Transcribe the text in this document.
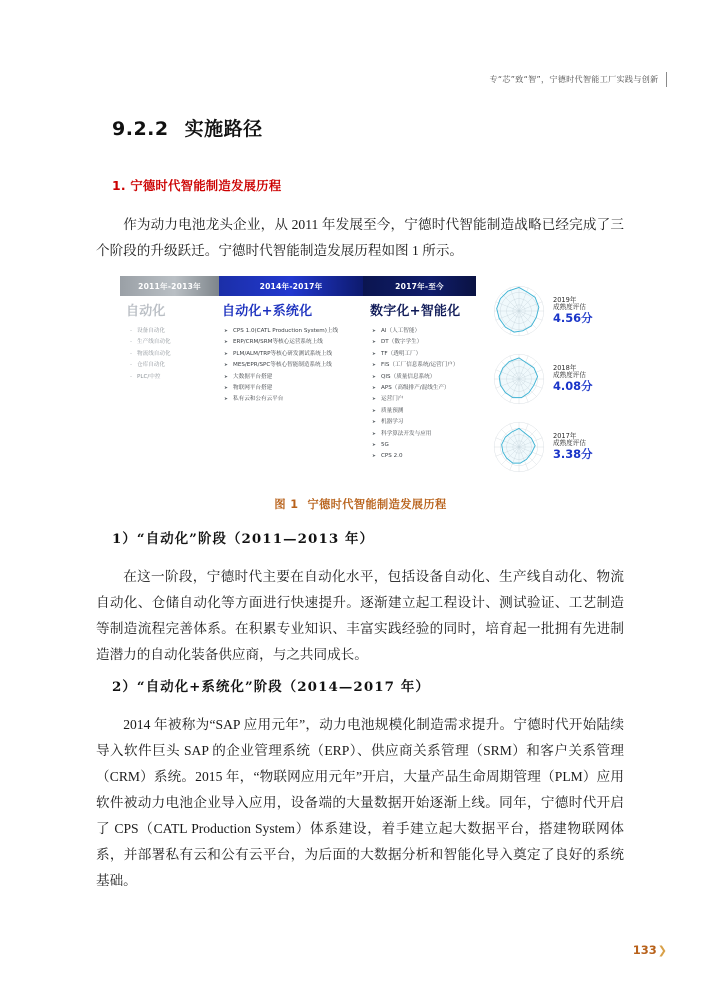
专“芯”致“智”，宁德时代智能工厂实践与创新
9.2.2 实施路径
1. 宁德时代智能制造发展历程
作为动力电池龙头企业，从 2011 年发展至今，宁德时代智能制造战略已经完成了三个阶段的升级跃迁。宁德时代智能制造发展历程如图 1 所示。
2011年-2013年	2014年-2017年	2017年-至今
自动化
- 设备自动化
- 生产线自动化
- 物流线自动化
- 仓库自动化
- PLC/中控
自动化+系统化
➤ CPS 1.0(CATL Production System)上线
➤ ERP/CRM/SRM等核心运营系统上线
➤ PLM/ALM/TRP等核心研发测试系统上线
➤ MES/EPR/SPC等核心智能制造系统上线
➤ 大数据平台搭建
➤ 物联网平台搭建
➤ 私有云和公有云平台
数字化+智能化
➤ AI（人工智能）
➤ DT（数字学生）
➤ TF（透明工厂）
➤ FIS（工厂信息系统/运营门户）
➤ QIS（质量信息系统）
➤ APS（高级排产/混线生产）
➤ 运营门户
➤ 质量预测
➤ 机器学习
➤ 科学算法开发与应用
➤ 5G
➤ CPS 2.0
2019年
成熟度评估
4.56分
2018年
成熟度评估
4.08分
2017年
成熟度评估
3.38分
图 1 宁德时代智能制造发展历程
1）“自动化”阶段（2011—2013 年）
在这一阶段，宁德时代主要在自动化水平，包括设备自动化、生产线自动化、物流自动化、仓储自动化等方面进行快速提升。逐渐建立起工程设计、测试验证、工艺制造等制造流程完善体系。在积累专业知识、丰富实践经验的同时，培育起一批拥有先进制造潜力的自动化装备供应商，与之共同成长。
2）“自动化+系统化”阶段（2014—2017 年）
2014 年被称为“SAP 应用元年”，动力电池规模化制造需求提升。宁德时代开始陆续导入软件巨头 SAP 的企业管理系统（ERP）、供应商关系管理（SRM）和客户关系管理（CRM）系统。2015 年，“物联网应用元年”开启，大量产品生命周期管理（PLM）应用软件被动力电池企业导入应用，设备端的大量数据开始逐渐上线。同年，宁德时代开启了 CPS（CATL Production System）体系建设，着手建立起大数据平台，搭建物联网体系，并部署私有云和公有云平台，为后面的大数据分析和智能化导入奠定了良好的系统基础。
133 ❯
